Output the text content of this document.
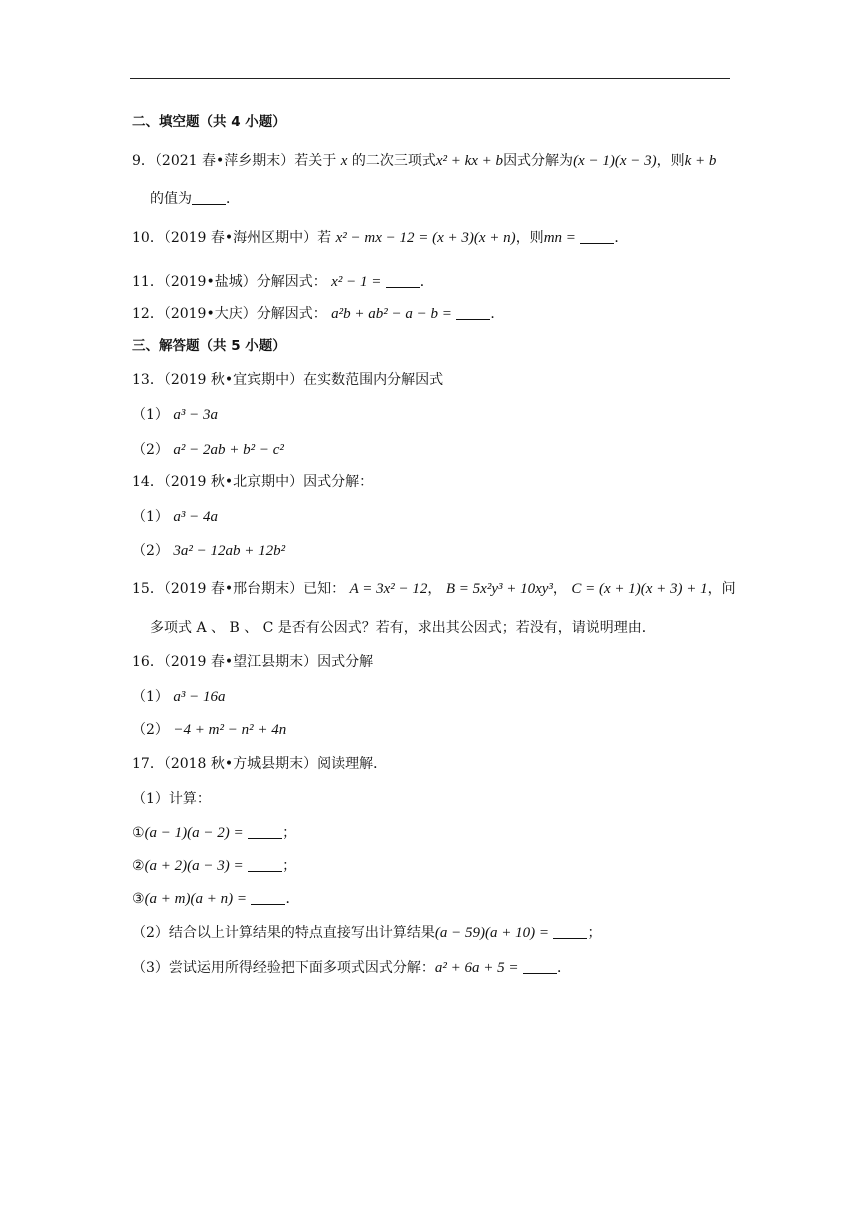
二、填空题（共 4 小题）
9．（2021 春•萍乡期末）若关于 x 的二次三项式x² + kx + b因式分解为(x − 1)(x − 3)，则k + b
的值为 ．
10．（2019 春•海州区期中）若 x² − mx − 12 = (x + 3)(x + n)，则mn =	．
11．（2019•盐城）分解因式： x² − 1 =	．
12．（2019•大庆）分解因式： a²b + ab² − a − b =	．
三、解答题（共 5 小题）
13．（2019 秋•宜宾期中）在实数范围内分解因式
（1） a³ − 3a
（2） a² − 2ab + b² − c²
14．（2019 秋•北京期中）因式分解：
（1） a³ − 4a
（2） 3a² − 12ab + 12b²
15．（2019 春•邢台期末）已知： A = 3x² − 12， B = 5x²y³ + 10xy³， C = (x + 1)(x + 3) + 1，问
多项式 A 、 B 、 C 是否有公因式？若有，求出其公因式；若没有，请说明理由．
16．（2019 春•望江县期末）因式分解
（1） a³ − 16a
（2） −4 + m² − n² + 4n
17．（2018 秋•方城县期末）阅读理解．
（1）计算：
①(a − 1)(a − 2) =	；
②(a + 2)(a − 3) =	；
③(a + m)(a + n) =	．
（2）结合以上计算结果的特点直接写出计算结果(a − 59)(a + 10) =	；
（3）尝试运用所得经验把下面多项式因式分解：a² + 6a + 5 =	．
